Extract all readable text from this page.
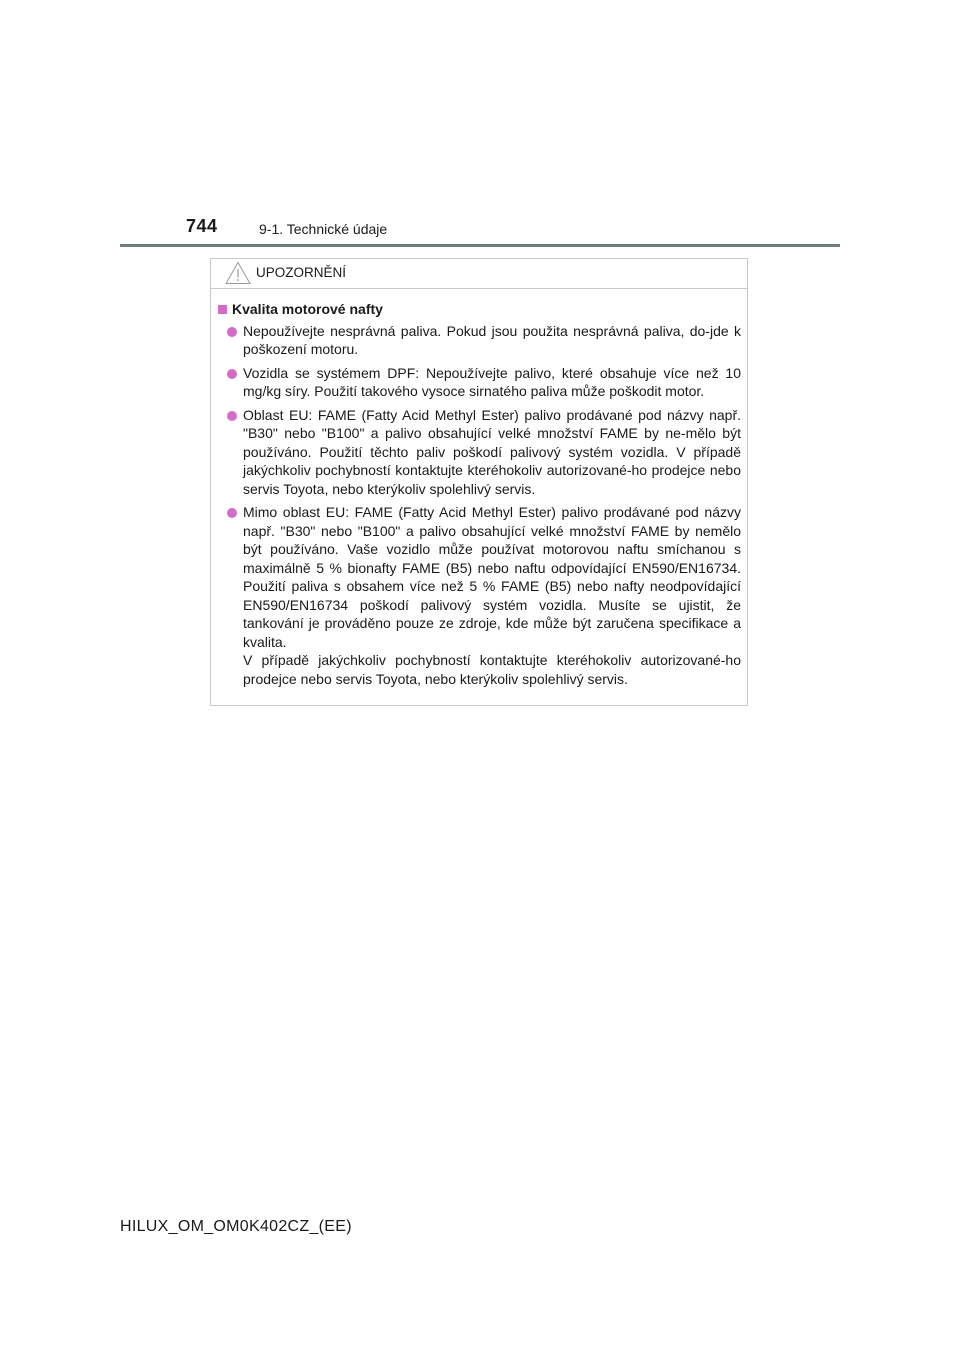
744	9-1. Technické údaje
UPOZORNĚNÍ
Kvalita motorové nafty
Nepoužívejte nesprávná paliva. Pokud jsou použita nesprávná paliva, do-jde k poškození motoru.
Vozidla se systémem DPF: Nepoužívejte palivo, které obsahuje více než 10 mg/kg síry. Použití takového vysoce sirnatého paliva může poškodit motor.
Oblast EU: FAME (Fatty Acid Methyl Ester) palivo prodávané pod názvy např. "B30" nebo "B100" a palivo obsahující velké množství FAME by ne-mělo být používáno. Použití těchto paliv poškodí palivový systém vozidla. V případě jakýchkoliv pochybností kontaktujte kteréhokoliv autorizované-ho prodejce nebo servis Toyota, nebo kterýkoliv spolehlivý servis.
Mimo oblast EU: FAME (Fatty Acid Methyl Ester) palivo prodávané pod názvy např. "B30" nebo "B100" a palivo obsahující velké množství FAME by nemělo být používáno. Vaše vozidlo může používat motorovou naftu smíchanou s maximálně 5 % bionafty FAME (B5) nebo naftu odpovídající EN590/EN16734. Použití paliva s obsahem více než 5 % FAME (B5) nebo nafty neodpovídající EN590/EN16734 poškodí palivový systém vozidla. Musíte se ujistit, že tankování je prováděno pouze ze zdroje, kde může být zaručena specifikace a kvalita.
V případě jakýchkoliv pochybností kontaktujte kteréhokoliv autorizované-ho prodejce nebo servis Toyota, nebo kterýkoliv spolehlivý servis.
HILUX_OM_OM0K402CZ_(EE)
